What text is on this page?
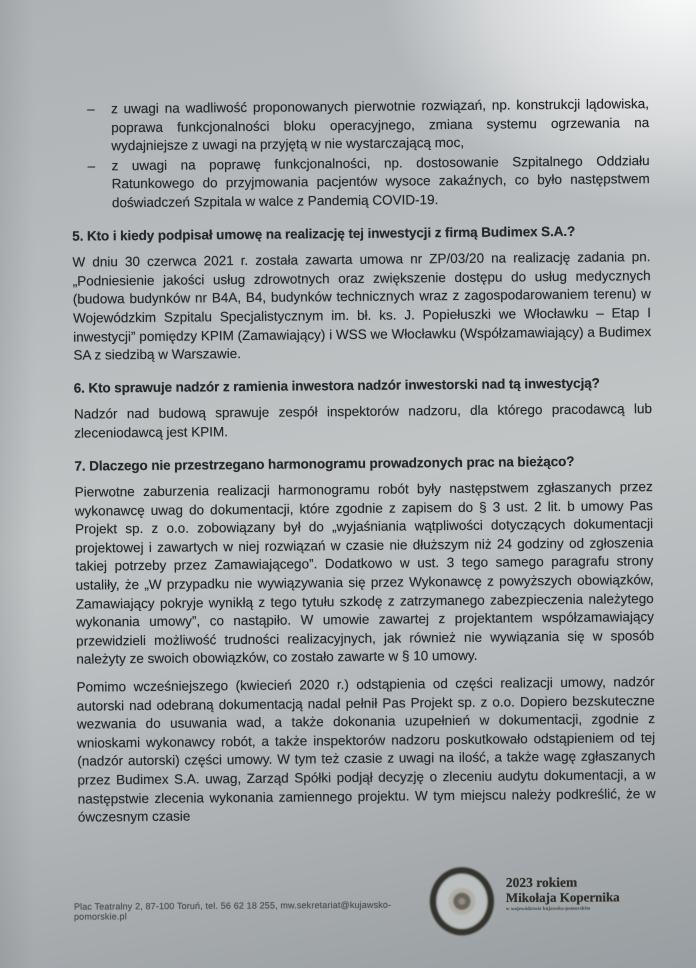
– z uwagi na wadliwość proponowanych pierwotnie rozwiązań, np. konstrukcji lądowiska, poprawa funkcjonalności bloku operacyjnego, zmiana systemu ogrzewania na wydajniejsze z uwagi na przyjętą w nie wystarczającą moc,
– z uwagi na poprawę funkcjonalności, np. dostosowanie Szpitalnego Oddziału Ratunkowego do przyjmowania pacjentów wysoce zakaźnych, co było następstwem doświadczeń Szpitala w walce z Pandemią COVID-19.
5. Kto i kiedy podpisał umowę na realizację tej inwestycji z firmą Budimex S.A.?

W dniu 30 czerwca 2021 r. została zawarta umowa nr ZP/03/20 na realizację zadania pn. „Podniesienie jakości usług zdrowotnych oraz zwiększenie dostępu do usług medycznych (budowa budynków nr B4A, B4, budynków technicznych wraz z zagospodarowaniem terenu) w Wojewódzkim Szpitalu Specjalistycznym im. bł. ks. J. Popiełuszki we Włocławku – Etap I inwestycji” pomiędzy KPIM (Zamawiający) i WSS we Włocławku (Współzamawiający) a Budimex SA z siedzibą w Warszawie.

6. Kto sprawuje nadzór z ramienia inwestora nadzór inwestorski nad tą inwestycją?

Nadzór nad budową sprawuje zespół inspektorów nadzoru, dla którego pracodawcą lub zleceniodawcą jest KPIM.

7. Dlaczego nie przestrzegano harmonogramu prowadzonych prac na bieżąco?

Pierwotne zaburzenia realizacji harmonogramu robót były następstwem zgłaszanych przez wykonawcę uwag do dokumentacji, które zgodnie z zapisem do § 3 ust. 2 lit. b umowy Pas Projekt sp. z o.o. zobowiązany był do „wyjaśniania wątpliwości dotyczących dokumentacji projektowej i zawartych w niej rozwiązań w czasie nie dłuższym niż 24 godziny od zgłoszenia takiej potrzeby przez Zamawiającego”. Dodatkowo w ust. 3 tego samego paragrafu strony ustaliły, że „W przypadku nie wywiązywania się przez Wykonawcę z powyższych obowiązków, Zamawiający pokryje wynikłą z tego tytułu szkodę z zatrzymanego zabezpieczenia należytego wykonania umowy”, co nastąpiło. W umowie zawartej z projektantem współzamawiający przewidzieli możliwość trudności realizacyjnych, jak również nie wywiązania się w sposób należyty ze swoich obowiązków, co zostało zawarte w § 10 umowy.

Pomimo wcześniejszego (kwiecień 2020 r.) odstąpienia od części realizacji umowy, nadzór autorski nad odebraną dokumentacją nadal pełnił Pas Projekt sp. z o.o. Dopiero bezskuteczne wezwania do usuwania wad, a także dokonania uzupełnień w dokumentacji, zgodnie z wnioskami wykonawcy robót, a także inspektorów nadzoru poskutkowało odstąpieniem od tej (nadzór autorski) części umowy. W tym też czasie z uwagi na ilość, a także wagę zgłaszanych przez Budimex S.A. uwag, Zarząd Spółki podjął decyzję o zleceniu audytu dokumentacji, a w następstwie zlecenia wykonania zamiennego projektu. W tym miejscu należy podkreślić, że w ówczesnym czasie

Plac Teatralny 2, 87-100 Toruń, tel. 56 62 18 255, mw.sekretariat@kujawsko-pomorskie.pl
2023 rokiem
Mikołaja Kopernika
w województwie kujawsko-pomorskim
